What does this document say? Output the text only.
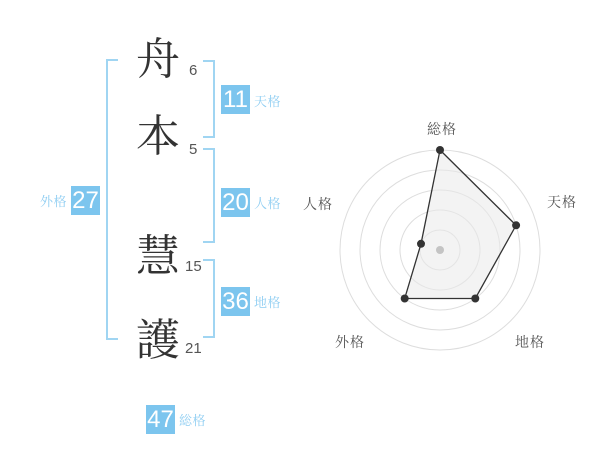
舟
本
慧
護
6
5
15
21
11 天格
20 人格
36 地格
外格 27
47 総格
総格
天格
地格
外格
人格
